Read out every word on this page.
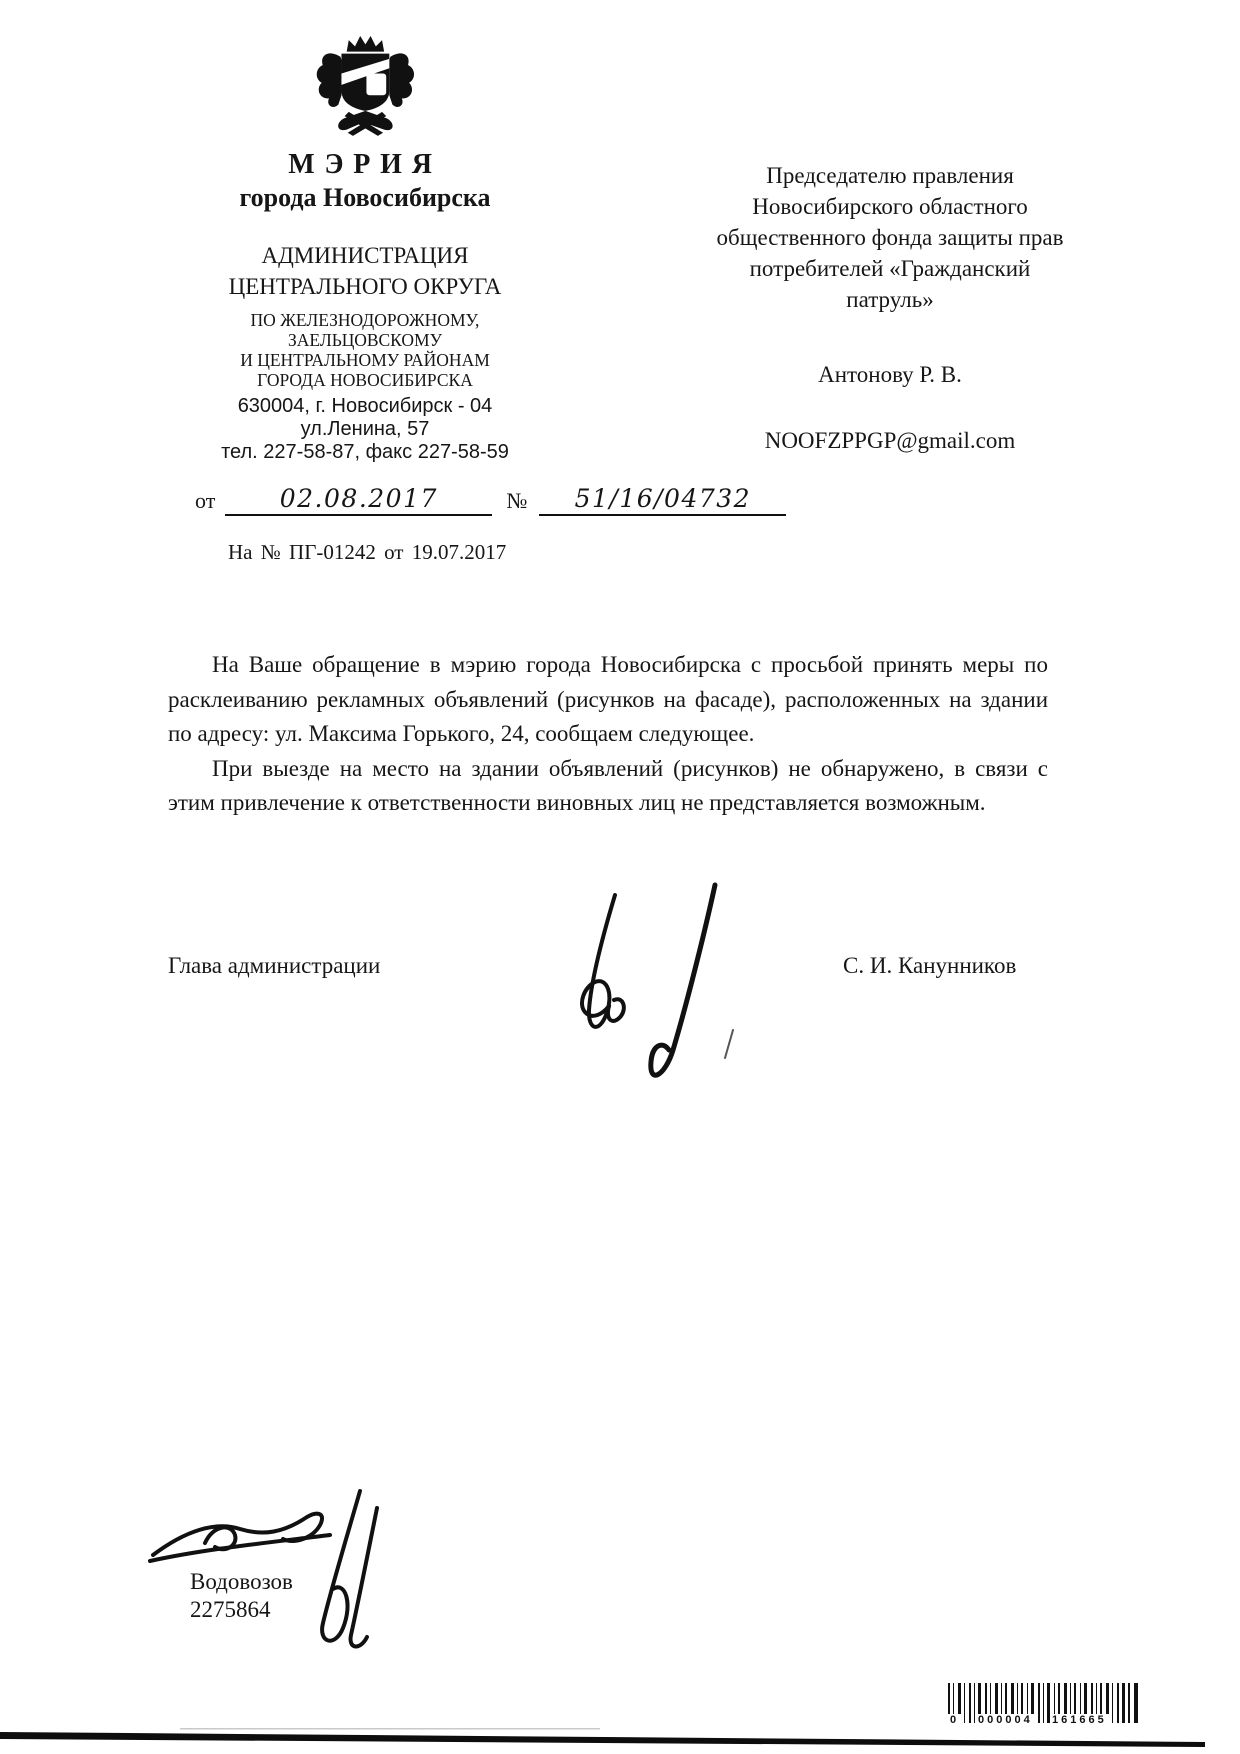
МЭРИЯ
города Новосибирска
АДМИНИСТРАЦИЯ
ЦЕНТРАЛЬНОГО ОКРУГА
ПО ЖЕЛЕЗНОДОРОЖНОМУ,
ЗАЕЛЬЦОВСКОМУ
И ЦЕНТРАЛЬНОМУ РАЙОНАМ
ГОРОДА НОВОСИБИРСКА
630004, г. Новосибирск - 04
ул.Ленина, 57
тел. 227-58-87, факс 227-58-59
от	02.08.2017	№	51/16/04732
На № ПГ-01242 от 19.07.2017
Председателю правления
Новосибирского областного
общественного фонда защиты прав
потребителей «Гражданский
патруль»
Антонову Р. В.
NOOFZPPGP@gmail.com

На Ваше обращение в мэрию города Новосибирска с просьбой принять меры по расклеиванию рекламных объявлений (рисунков на фасаде), расположенных на здании по адресу: ул. Максима Горького, 24, сообщаем следующее.

При выезде на место на здании объявлений (рисунков) не обнаружено, в связи с этим привлечение к ответственности виновных лиц не представляется возможным.

Глава администрации	С. И. Канунников
Водовозов
2275864
0 000004 161665
